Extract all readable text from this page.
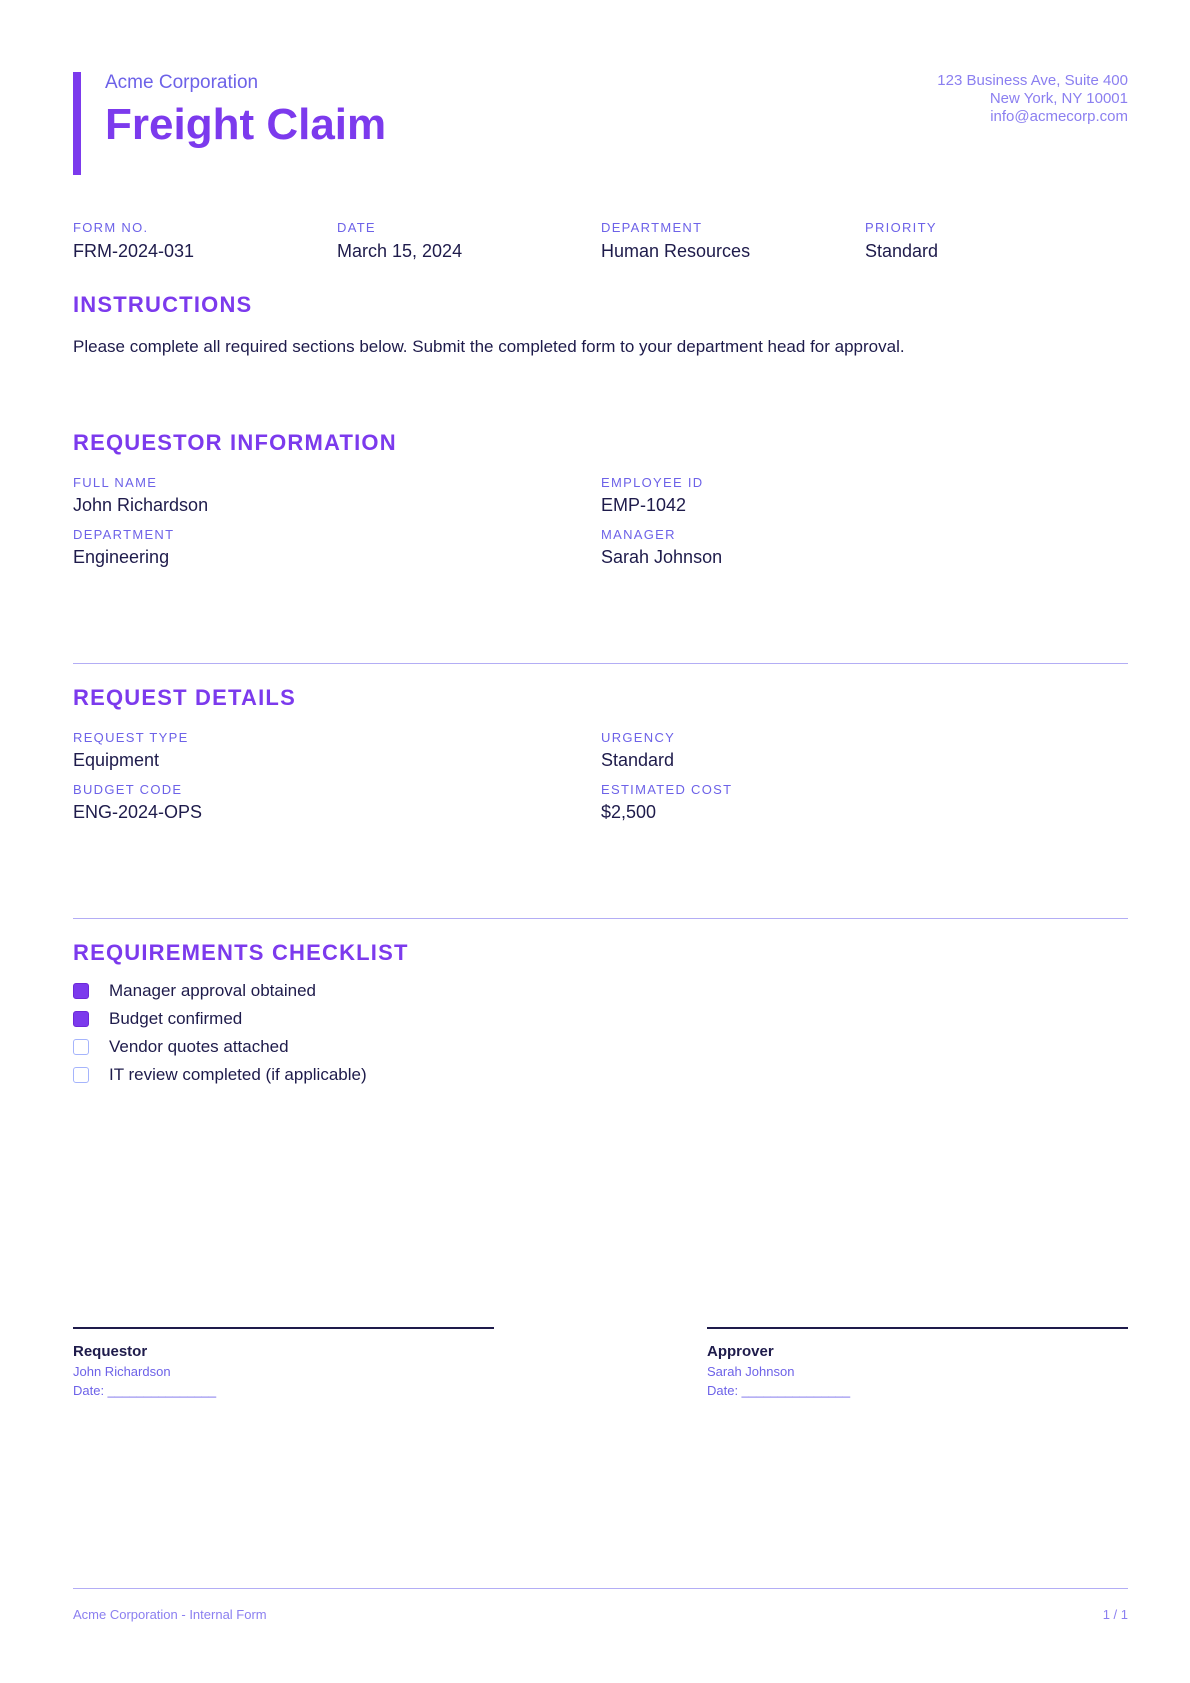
Acme Corporation
Freight Claim
123 Business Ave, Suite 400
New York, NY 10001
info@acmecorp.com
FORM NO.
FRM-2024-031
DATE
March 15, 2024
DEPARTMENT
Human Resources
PRIORITY
Standard
INSTRUCTIONS
Please complete all required sections below. Submit the completed form to your department head for approval.
REQUESTOR INFORMATION
FULL NAME
John Richardson
EMPLOYEE ID
EMP-1042
DEPARTMENT
Engineering
MANAGER
Sarah Johnson
REQUEST DETAILS
REQUEST TYPE
Equipment
URGENCY
Standard
BUDGET CODE
ENG-2024-OPS
ESTIMATED COST
$2,500
REQUIREMENTS CHECKLIST
Manager approval obtained
Budget confirmed
Vendor quotes attached
IT review completed (if applicable)
Requestor
John Richardson
Date: _______________
Approver
Sarah Johnson
Date: _______________
Acme Corporation - Internal Form	1 / 1
